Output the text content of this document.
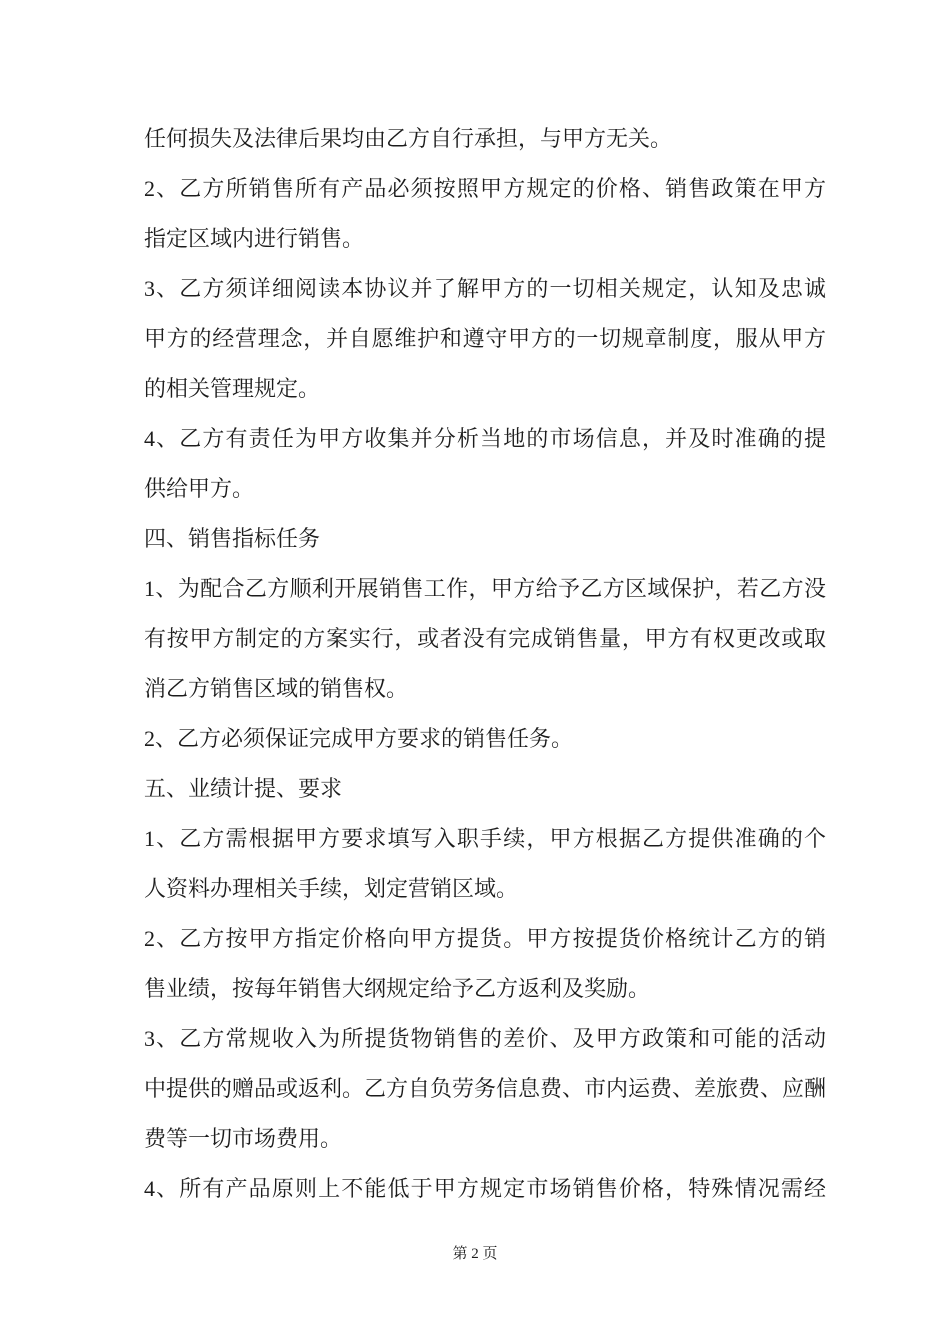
任何损失及法律后果均由乙方自行承担，与甲方无关。
2、乙方所销售所有产品必须按照甲方规定的价格、销售政策在甲方
指定区域内进行销售。
3、乙方须详细阅读本协议并了解甲方的一切相关规定，认知及忠诚
甲方的经营理念，并自愿维护和遵守甲方的一切规章制度，服从甲方
的相关管理规定。
4、乙方有责任为甲方收集并分析当地的市场信息，并及时准确的提
供给甲方。
四、销售指标任务
1、为配合乙方顺利开展销售工作，甲方给予乙方区域保护，若乙方没
有按甲方制定的方案实行，或者没有完成销售量，甲方有权更改或取
消乙方销售区域的销售权。
2、乙方必须保证完成甲方要求的销售任务。
五、业绩计提、要求
1、乙方需根据甲方要求填写入职手续，甲方根据乙方提供准确的个
人资料办理相关手续，划定营销区域。
2、乙方按甲方指定价格向甲方提货。甲方按提货价格统计乙方的销
售业绩，按每年销售大纲规定给予乙方返利及奖励。
3、乙方常规收入为所提货物销售的差价、及甲方政策和可能的活动
中提供的赠品或返利。乙方自负劳务信息费、市内运费、差旅费、应酬
费等一切市场费用。
4、所有产品原则上不能低于甲方规定市场销售价格，特殊情况需经
第 2 页
